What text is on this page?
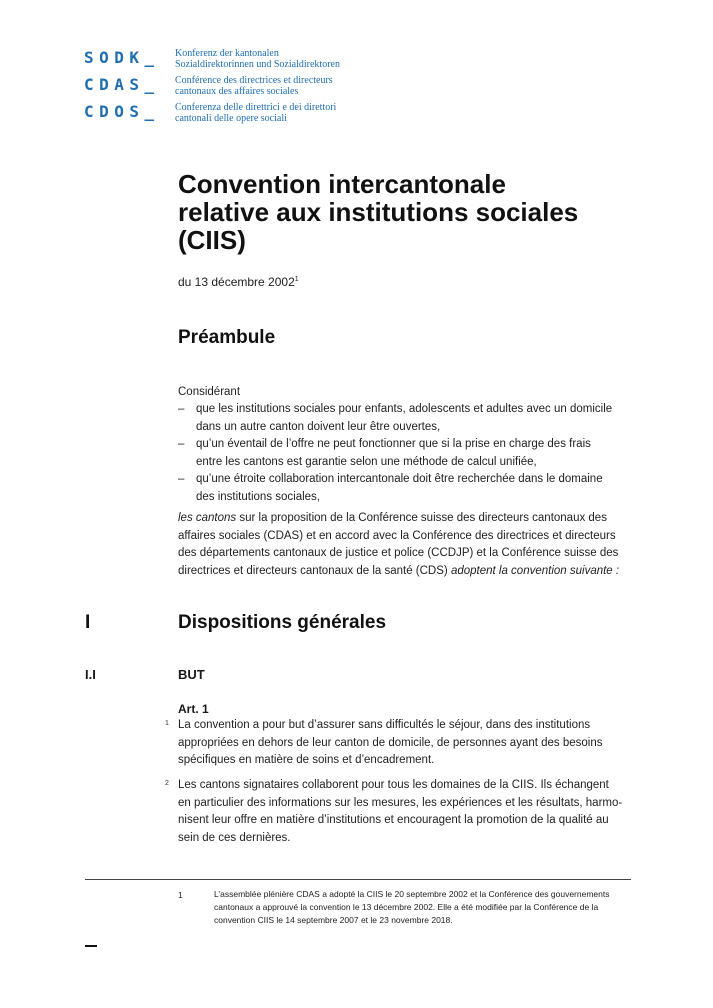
SODK_ Konferenz der kantonalen
Sozialdirektorinnen und Sozialdirektoren
CDAS_ Conférence des directrices et directeurs
cantonaux des affaires sociales
CDOS_ Conferenza delle direttrici e dei direttori
cantonali delle opere sociali
Convention intercantonale
relative aux institutions sociales
(CIIS)
du 13 décembre 2002$^1$
Préambule
Considérant
– que les institutions sociales pour enfants, adolescents et adultes avec un domicile
dans un autre canton doivent leur être ouvertes,
– qu’un éventail de l’offre ne peut fonctionner que si la prise en charge des frais
entre les cantons est garantie selon une méthode de calcul unifiée,
– qu’une étroite collaboration intercantonale doit être recherchée dans le domaine
des institutions sociales,
les cantons sur la proposition de la Conférence suisse des directeurs cantonaux des
affaires sociales (CDAS) et en accord avec la Conférence des directrices et directeurs
des départements cantonaux de justice et police (CCDJP) et la Conférence suisse des
directrices et directeurs cantonaux de la santé (CDS) adoptent la convention suivante :
I	Dispositions générales
I.I	BUT
Art. 1
1 La convention a pour but d’assurer sans difficultés le séjour, dans des institutions
appropriées en dehors de leur canton de domicile, de personnes ayant des besoins
spécifiques en matière de soins et d’encadrement.
2 Les cantons signataires collaborent pour tous les domaines de la CIIS. Ils échangent
en particulier des informations sur les mesures, les expériences et les résultats, harmo-
nisent leur offre en matière d’institutions et encouragent la promotion de la qualité au
sein de ces dernières.
1	L’assemblée plénière CDAS a adopté la CIIS le 20 septembre 2002 et la Conférence des gouvernements
cantonaux a approuvé la convention le 13 décembre 2002. Elle a été modifiée par la Conférence de la
convention CIIS le 14 septembre 2007 et le 23 novembre 2018.
